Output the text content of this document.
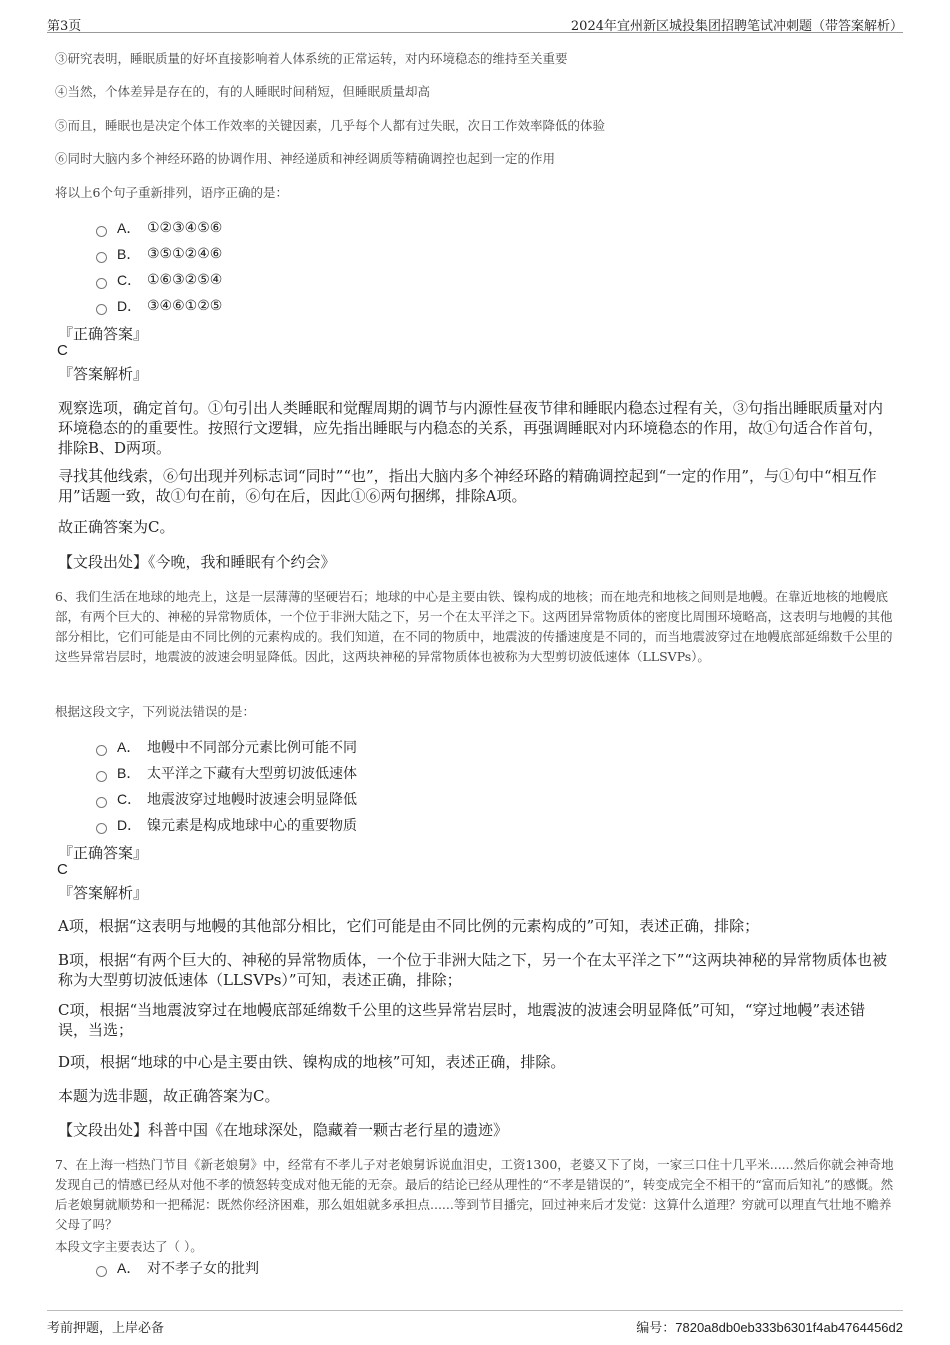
第3页	2024年宜州新区城投集团招聘笔试冲刺题（带答案解析）
③研究表明，睡眠质量的好坏直接影响着人体系统的正常运转，对内环境稳态的维持至关重要
④当然，个体差异是存在的，有的人睡眠时间稍短，但睡眠质量却高
⑤而且，睡眠也是决定个体工作效率的关键因素，几乎每个人都有过失眠，次日工作效率降低的体验
⑥同时大脑内多个神经环路的协调作用、神经递质和神经调质等精确调控也起到一定的作用
将以上6个句子重新排列，语序正确的是：
A． ①②③④⑤⑥
B． ③⑤①②④⑥
C． ①⑥③②⑤④
D． ③④⑥①②⑤
『正确答案』
C
『答案解析』
观察选项，确定首句。①句引出人类睡眠和觉醒周期的调节与内源性昼夜节律和睡眠内稳态过程有关，③句指出睡眠质量对内环境稳态的的重要性。按照行文逻辑，应先指出睡眠与内稳态的关系，再强调睡眠对内环境稳态的作用，故①句适合作首句，排除B、D两项。
寻找其他线索，⑥句出现并列标志词“同时”“也”，指出大脑内多个神经环路的精确调控起到“一定的作用”，与①句中“相互作用”话题一致，故①句在前，⑥句在后，因此①⑥两句捆绑，排除A项。
故正确答案为C。
【文段出处】《今晚，我和睡眠有个约会》
6、我们生活在地球的地壳上，这是一层薄薄的坚硬岩石；地球的中心是主要由铁、镍构成的地核；而在地壳和地核之间则是地幔。在靠近地核的地幔底部，有两个巨大的、神秘的异常物质体，一个位于非洲大陆之下，另一个在太平洋之下。这两团异常物质体的密度比周围环境略高，这表明与地幔的其他部分相比，它们可能是由不同比例的元素构成的。我们知道，在不同的物质中，地震波的传播速度是不同的，而当地震波穿过在地幔底部延绵数千公里的这些异常岩层时，地震波的波速会明显降低。因此，这两块神秘的异常物质体也被称为大型剪切波低速体（LLSVPs）。
根据这段文字，下列说法错误的是：
A． 地幔中不同部分元素比例可能不同
B． 太平洋之下藏有大型剪切波低速体
C． 地震波穿过地幔时波速会明显降低
D． 镍元素是构成地球中心的重要物质
『正确答案』
C
『答案解析』
A项，根据“这表明与地幔的其他部分相比，它们可能是由不同比例的元素构成的”可知，表述正确，排除；
B项，根据“有两个巨大的、神秘的异常物质体，一个位于非洲大陆之下，另一个在太平洋之下”“这两块神秘的异常物质体也被称为大型剪切波低速体（LLSVPs）”可知，表述正确，排除；
C项，根据“当地震波穿过在地幔底部延绵数千公里的这些异常岩层时，地震波的波速会明显降低”可知，“穿过地幔”表述错误，当选；
D项，根据“地球的中心是主要由铁、镍构成的地核”可知，表述正确，排除。
本题为选非题，故正确答案为C。
【文段出处】科普中国《在地球深处，隐藏着一颗古老行星的遗迹》
7、在上海一档热门节目《新老娘舅》中，经常有不孝儿子对老娘舅诉说血泪史，工资1300，老婆又下了岗，一家三口住十几平米......然后你就会神奇地发现自己的情感已经从对他不孝的愤怒转变成对他无能的无奈。最后的结论已经从理性的“不孝是错误的”，转变成完全不相干的“富而后知礼”的感慨。然后老娘舅就顺势和一把稀泥：既然你经济困难，那么姐姐就多承担点......等到节目播完，回过神来后才发觉：这算什么道理？穷就可以理直气壮地不赡养父母了吗？
本段文字主要表达了（ ）。
A． 对不孝子女的批判
考前押题，上岸必备	编号：7820a8db0eb333b6301f4ab4764456d2
